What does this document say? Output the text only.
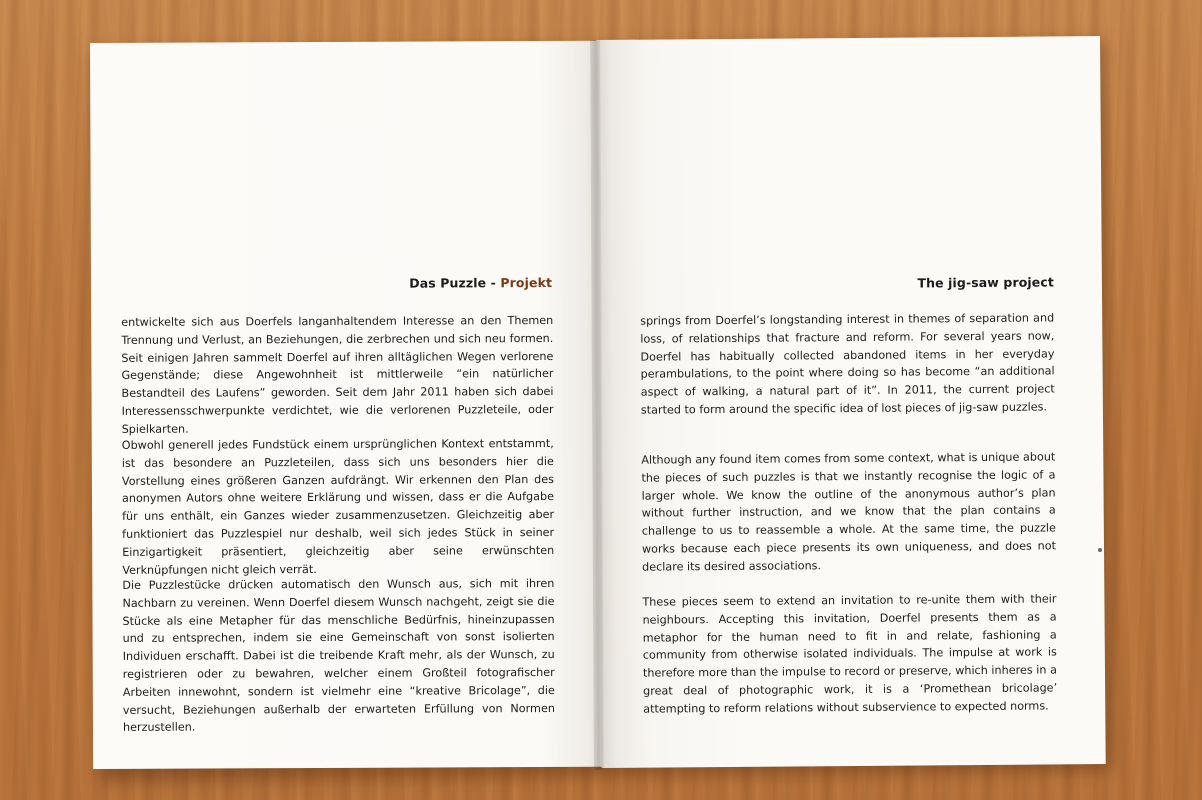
Das Puzzle - Projekt
entwickelte sich aus Doerfels langanhaltendem Interesse an den Themen Trennung und Verlust, an Beziehungen, die zerbrechen und sich neu formen. Seit einigen Jahren sammelt Doerfel auf ihren alltäglichen Wegen verlorene Gegenstände; diese Angewohnheit ist mittlerweile “ein natürlicher Bestandteil des Laufens” geworden. Seit dem Jahr 2011 haben sich dabei Interessensschwerpunkte verdichtet, wie die verlorenen Puzzleteile, oder Spielkarten.
Obwohl generell jedes Fundstück einem ursprünglichen Kontext entstammt, ist das besondere an Puzzleteilen, dass sich uns besonders hier die Vorstellung eines größeren Ganzen aufdrängt. Wir erkennen den Plan des anonymen Autors ohne weitere Erklärung und wissen, dass er die Aufgabe für uns enthält, ein Ganzes wieder zusammenzusetzen. Gleichzeitig aber funktioniert das Puzzlespiel nur deshalb, weil sich jedes Stück in seiner Einzigartigkeit präsentiert, gleichzeitig aber seine erwünschten Verknüpfungen nicht gleich verrät.
Die Puzzlestücke drücken automatisch den Wunsch aus, sich mit ihren Nachbarn zu vereinen. Wenn Doerfel diesem Wunsch nachgeht, zeigt sie die Stücke als eine Metapher für das menschliche Bedürfnis, hineinzupassen und zu entsprechen, indem sie eine Gemeinschaft von sonst isolierten Individuen erschafft. Dabei ist die treibende Kraft mehr, als der Wunsch, zu registrieren oder zu bewahren, welcher einem Großteil fotografischer Arbeiten innewohnt, sondern ist vielmehr eine “kreative Bricolage”, die versucht, Beziehungen außerhalb der erwarteten Erfüllung von Normen herzustellen.
The jig-saw project
springs from Doerfel’s longstanding interest in themes of separation and loss, of relationships that fracture and reform. For several years now, Doerfel has habitually collected abandoned items in her everyday perambulations, to the point where doing so has become “an additional aspect of walking, a natural part of it”. In 2011, the current project started to form around the specific idea of lost pieces of jig-saw puzzles.
Although any found item comes from some context, what is unique about the pieces of such puzzles is that we instantly recognise the logic of a larger whole. We know the outline of the anonymous author’s plan without further instruction, and we know that the plan contains a challenge to us to reassemble a whole. At the same time, the puzzle works because each piece presents its own uniqueness, and does not declare its desired associations.
These pieces seem to extend an invitation to re-unite them with their neighbours. Accepting this invitation, Doerfel presents them as a metaphor for the human need to fit in and relate, fashioning a community from otherwise isolated individuals. The impulse at work is therefore more than the impulse to record or preserve, which inheres in a great deal of photographic work, it is a ‘Promethean bricolage’ attempting to reform relations without subservience to expected norms.
